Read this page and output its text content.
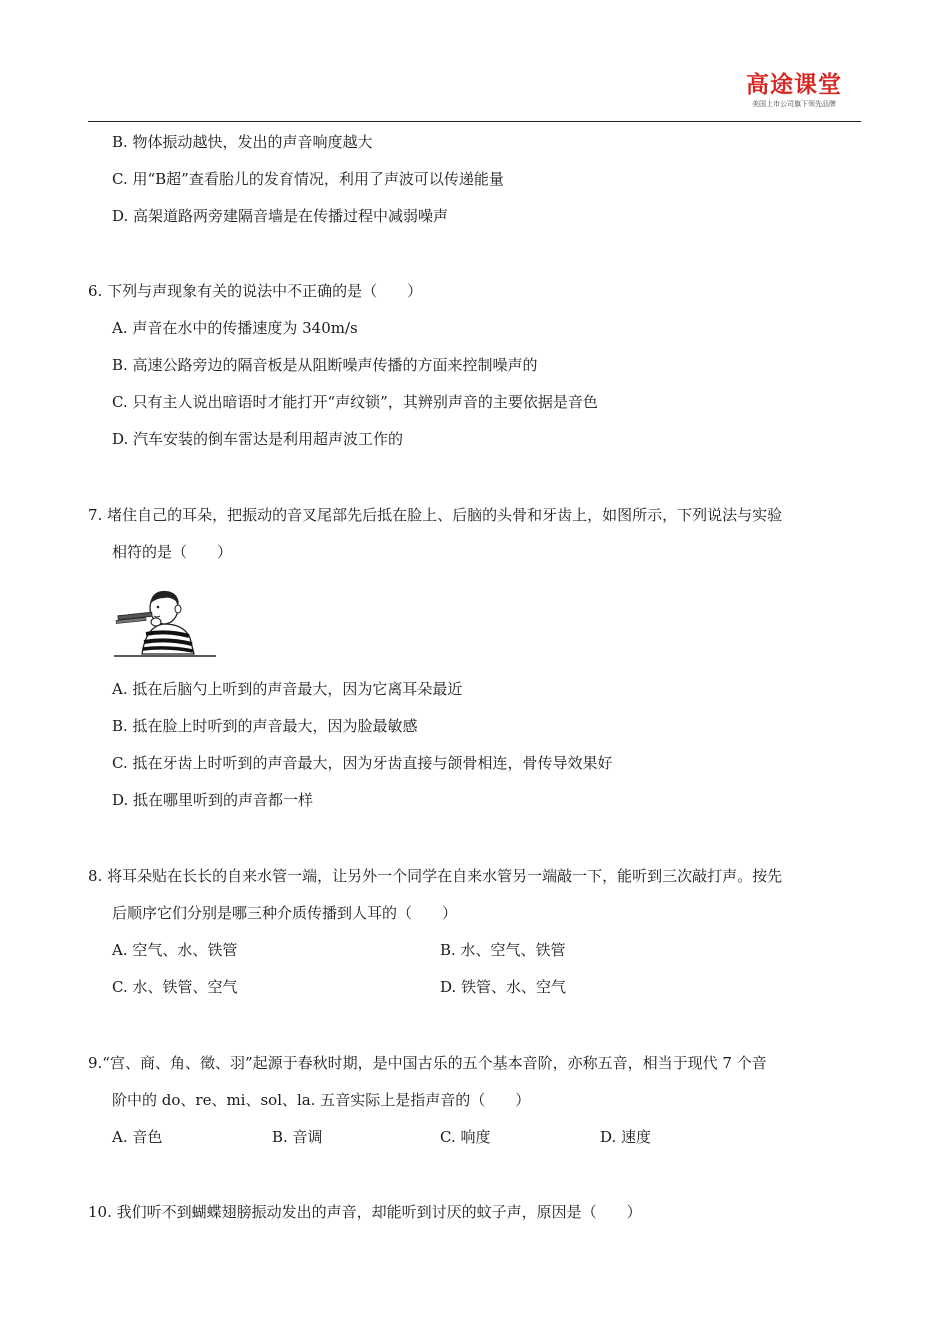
高途课堂
美国上市公司旗下领先品牌
B. 物体振动越快，发出的声音响度越大
C. 用“B超”查看胎儿的发育情况，利用了声波可以传递能量
D. 高架道路两旁建隔音墙是在传播过程中减弱噪声
6. 下列与声现象有关的说法中不正确的是（　　）
A. 声音在水中的传播速度为 340m/s
B. 高速公路旁边的隔音板是从阻断噪声传播的方面来控制噪声的
C. 只有主人说出暗语时才能打开“声纹锁”，其辨别声音的主要依据是音色
D. 汽车安装的倒车雷达是利用超声波工作的
7. 堵住自己的耳朵，把振动的音叉尾部先后抵在脸上、后脑的头骨和牙齿上，如图所示，下列说法与实验
相符的是（　　）
A. 抵在后脑勺上听到的声音最大，因为它离耳朵最近
B. 抵在脸上时听到的声音最大，因为脸最敏感
C. 抵在牙齿上时听到的声音最大，因为牙齿直接与颌骨相连，骨传导效果好
D. 抵在哪里听到的声音都一样
8. 将耳朵贴在长长的自来水管一端，让另外一个同学在自来水管另一端敲一下，能听到三次敲打声。按先
后顺序它们分别是哪三种介质传播到人耳的（　　）
A. 空气、水、铁管	B. 水、空气、铁管
C. 水、铁管、空气	D. 铁管、水、空气
9.“宫、商、角、徵、羽”起源于春秋时期，是中国古乐的五个基本音阶，亦称五音，相当于现代 7 个音
阶中的 do、re、mi、sol、la. 五音实际上是指声音的（　　）
A. 音色	B. 音调	C. 响度	D. 速度
10. 我们听不到蝴蝶翅膀振动发出的声音，却能听到讨厌的蚊子声，原因是（　　）
